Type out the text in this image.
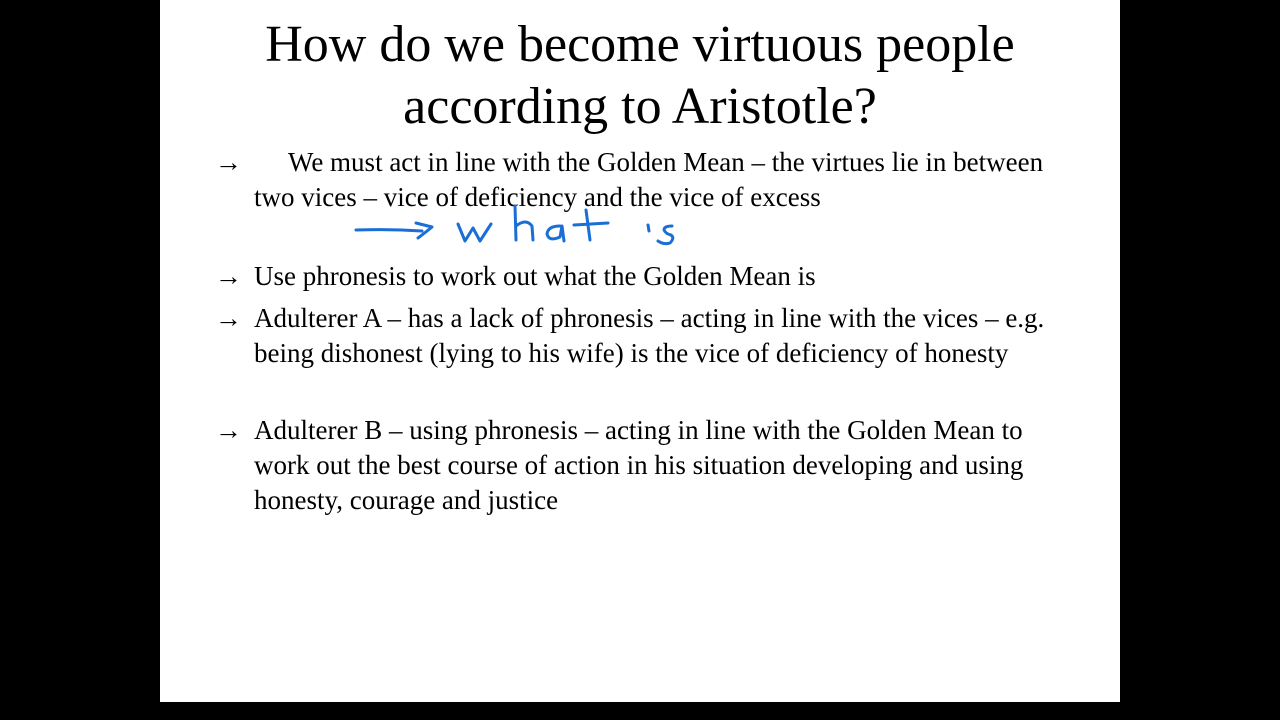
How do we become virtuous people
according to Aristotle?
→	We must act in line with the Golden Mean – the virtues lie in between two vices – vice of deficiency and the vice of excess
→ Use phronesis to work out what the Golden Mean is
→ Adulterer A – has a lack of phronesis – acting in line with the vices – e.g. being dishonest (lying to his wife) is the vice of deficiency of honesty
→ Adulterer B – using phronesis – acting in line with the Golden Mean to work out the best course of action in his situation developing and using honesty, courage and justice
